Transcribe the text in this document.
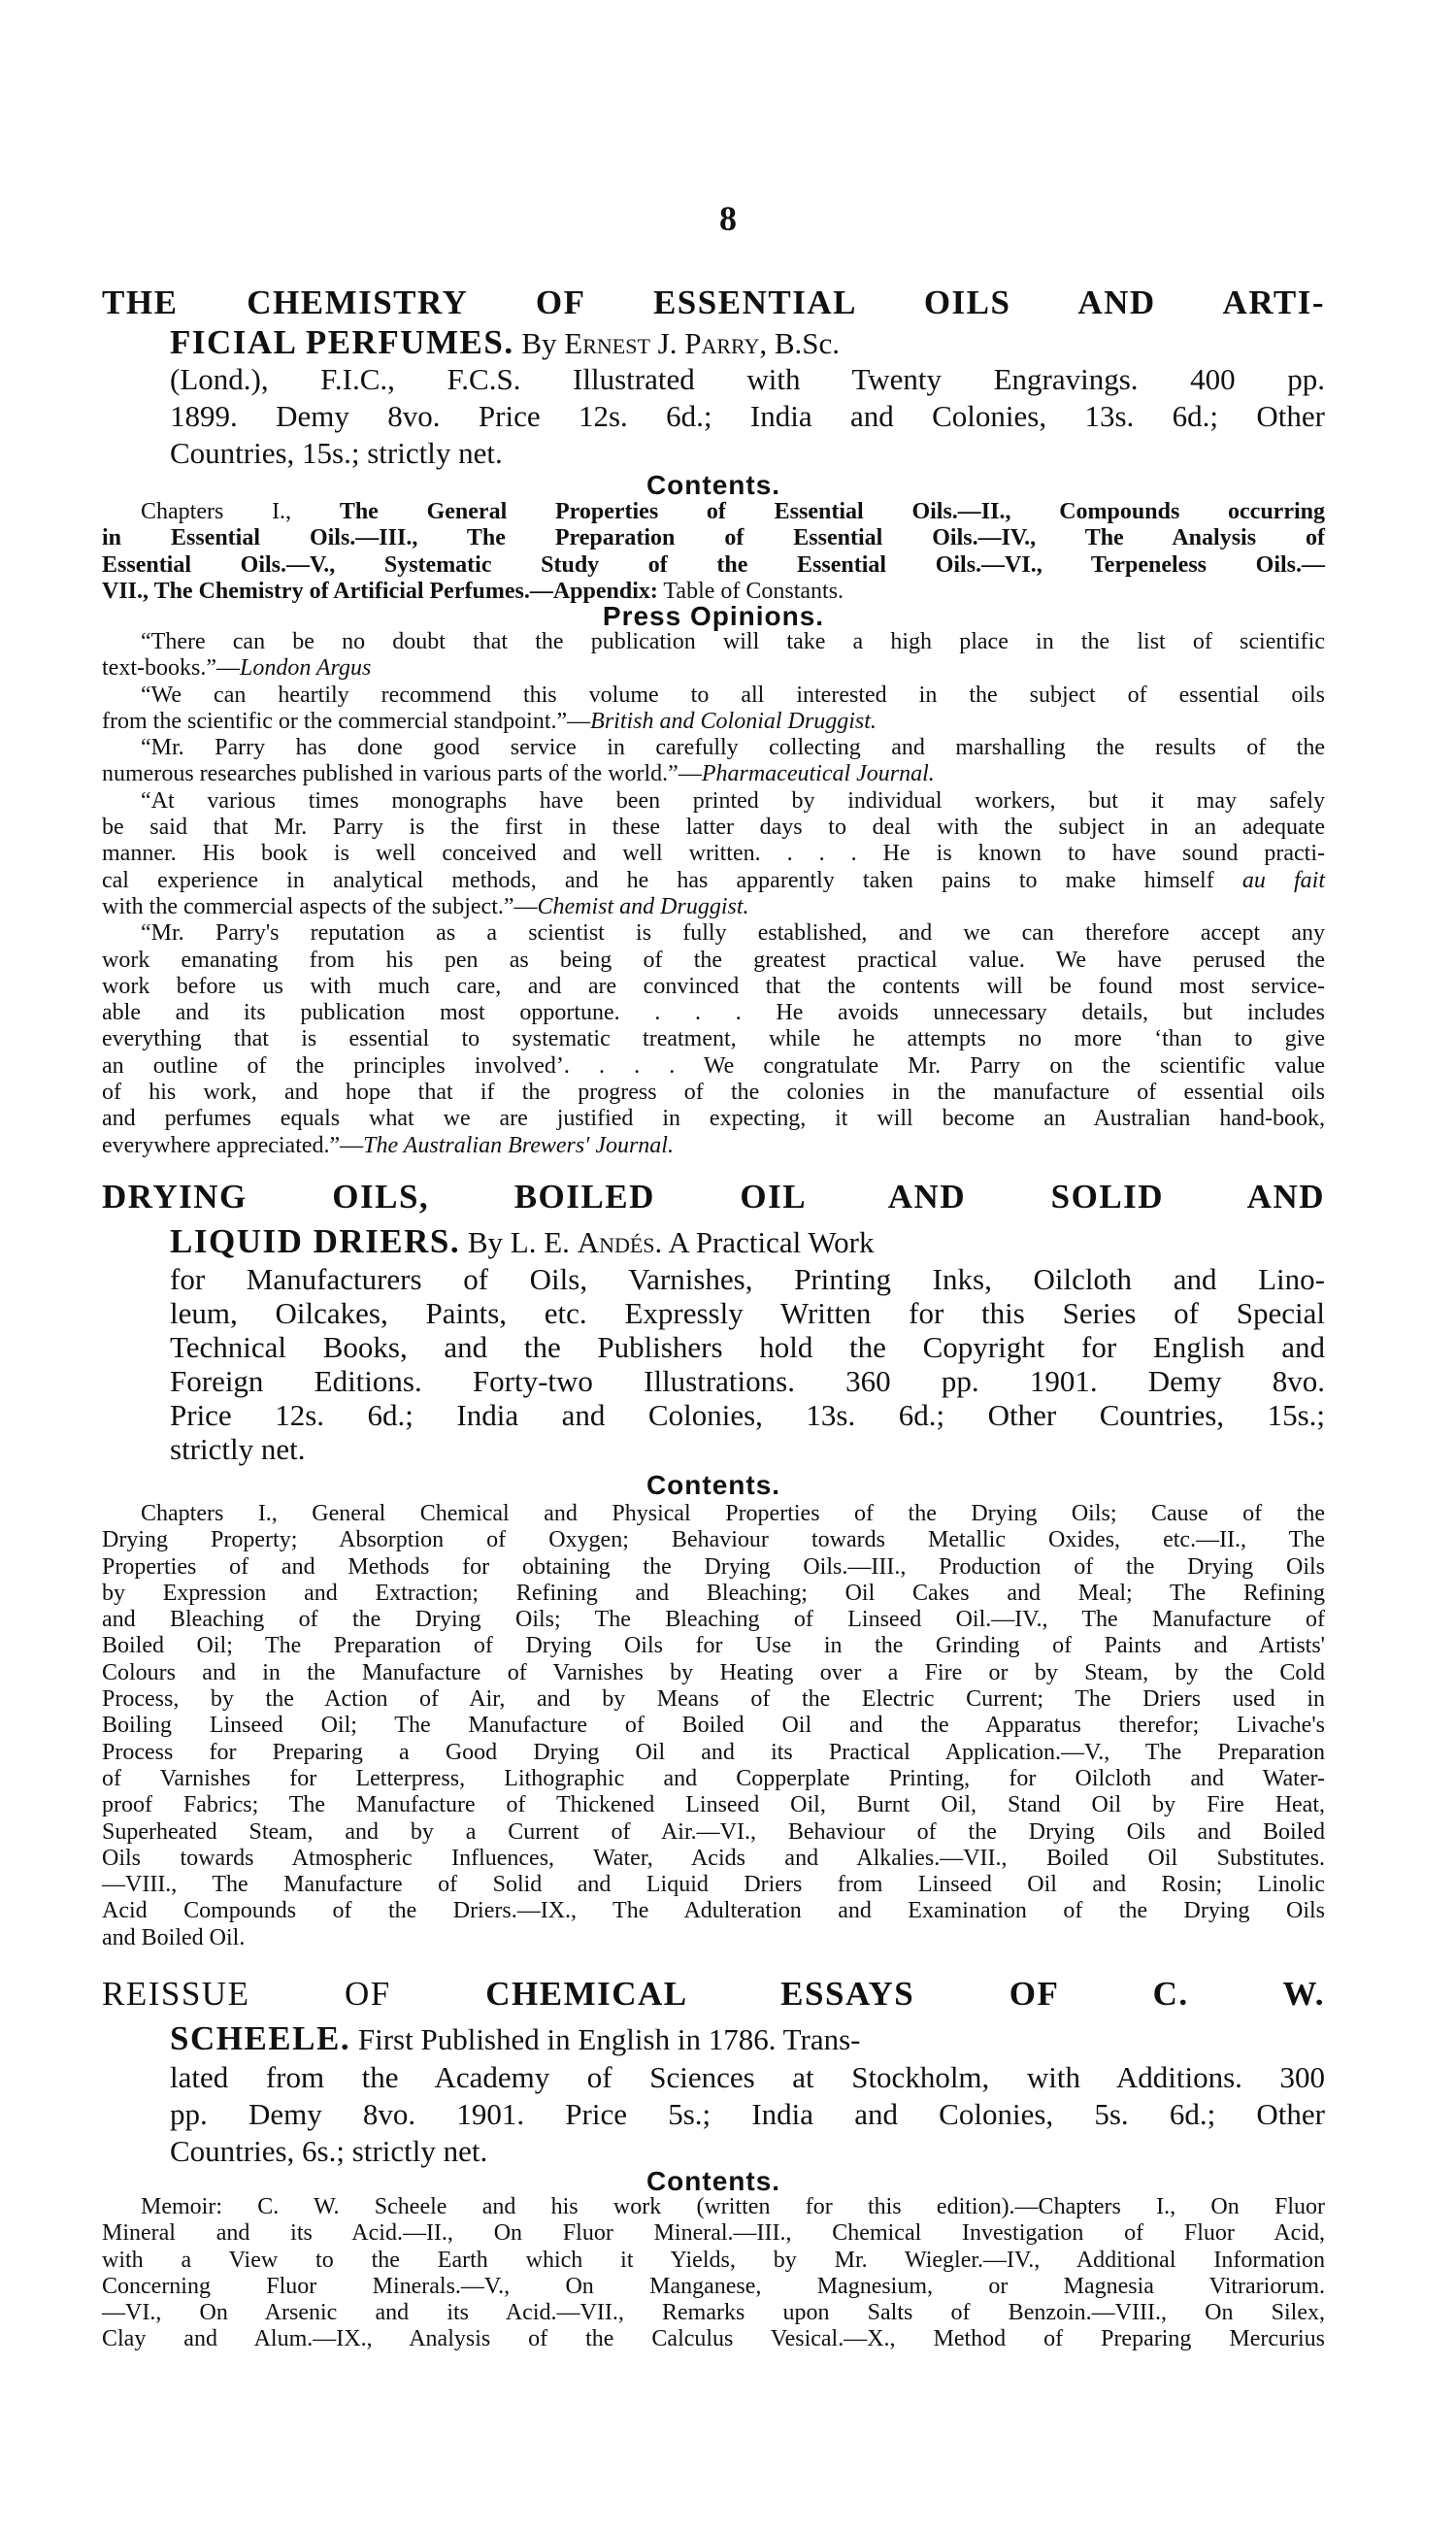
8
THE CHEMISTRY OF ESSENTIAL OILS AND ARTI-
FICIAL PERFUMES. By Ernest J. Parry, B.Sc.
(Lond.), F.I.C., F.C.S. Illustrated with Twenty Engravings. 400 pp.
1899. Demy 8vo. Price 12s. 6d.; India and Colonies, 13s. 6d.; Other
Countries, 15s.; strictly net.
Contents.
Chapters I., The General Properties of Essential Oils.—II., Compounds occurring
in Essential Oils.—III., The Preparation of Essential Oils.—IV., The Analysis of
Essential Oils.—V., Systematic Study of the Essential Oils.—VI., Terpeneless Oils.—
VII., The Chemistry of Artificial Perfumes.—Appendix: Table of Constants.
Press Opinions.
“There can be no doubt that the publication will take a high place in the list of scientific
text-books.”—London Argus
“We can heartily recommend this volume to all interested in the subject of essential oils
from the scientific or the commercial standpoint.”—British and Colonial Druggist.
“Mr. Parry has done good service in carefully collecting and marshalling the results of the
numerous researches published in various parts of the world.”—Pharmaceutical Journal.
“At various times monographs have been printed by individual workers, but it may safely
be said that Mr. Parry is the first in these latter days to deal with the subject in an adequate
manner. His book is well conceived and well written. . . . He is known to have sound practi-
cal experience in analytical methods, and he has apparently taken pains to make himself au fait
with the commercial aspects of the subject.”—Chemist and Druggist.
“Mr. Parry's reputation as a scientist is fully established, and we can therefore accept any
work emanating from his pen as being of the greatest practical value. We have perused the
work before us with much care, and are convinced that the contents will be found most service-
able and its publication most opportune. . . . He avoids unnecessary details, but includes
everything that is essential to systematic treatment, while he attempts no more ‘than to give
an outline of the principles involved’. . . . We congratulate Mr. Parry on the scientific value
of his work, and hope that if the progress of the colonies in the manufacture of essential oils
and perfumes equals what we are justified in expecting, it will become an Australian hand-book,
everywhere appreciated.”—The Australian Brewers' Journal.
DRYING OILS, BOILED OIL AND SOLID AND
LIQUID DRIERS. By L. E. Andés. A Practical Work
for Manufacturers of Oils, Varnishes, Printing Inks, Oilcloth and Lino-
leum, Oilcakes, Paints, etc. Expressly Written for this Series of Special
Technical Books, and the Publishers hold the Copyright for English and
Foreign Editions. Forty-two Illustrations. 360 pp. 1901. Demy 8vo.
Price 12s. 6d.; India and Colonies, 13s. 6d.; Other Countries, 15s.;
strictly net.
Contents.
Chapters I., General Chemical and Physical Properties of the Drying Oils; Cause of the
Drying Property; Absorption of Oxygen; Behaviour towards Metallic Oxides, etc.—II., The
Properties of and Methods for obtaining the Drying Oils.—III., Production of the Drying Oils
by Expression and Extraction; Refining and Bleaching; Oil Cakes and Meal; The Refining
and Bleaching of the Drying Oils; The Bleaching of Linseed Oil.—IV., The Manufacture of
Boiled Oil; The Preparation of Drying Oils for Use in the Grinding of Paints and Artists'
Colours and in the Manufacture of Varnishes by Heating over a Fire or by Steam, by the Cold
Process, by the Action of Air, and by Means of the Electric Current; The Driers used in
Boiling Linseed Oil; The Manufacture of Boiled Oil and the Apparatus therefor; Livache's
Process for Preparing a Good Drying Oil and its Practical Application.—V., The Preparation
of Varnishes for Letterpress, Lithographic and Copperplate Printing, for Oilcloth and Water-
proof Fabrics; The Manufacture of Thickened Linseed Oil, Burnt Oil, Stand Oil by Fire Heat,
Superheated Steam, and by a Current of Air.—VI., Behaviour of the Drying Oils and Boiled
Oils towards Atmospheric Influences, Water, Acids and Alkalies.—VII., Boiled Oil Substitutes.
—VIII., The Manufacture of Solid and Liquid Driers from Linseed Oil and Rosin; Linolic
Acid Compounds of the Driers.—IX., The Adulteration and Examination of the Drying Oils
and Boiled Oil.
REISSUE OF CHEMICAL ESSAYS OF C. W.
SCHEELE. First Published in English in 1786. Trans-
lated from the Academy of Sciences at Stockholm, with Additions. 300
pp. Demy 8vo. 1901. Price 5s.; India and Colonies, 5s. 6d.; Other
Countries, 6s.; strictly net.
Contents.
Memoir: C. W. Scheele and his work (written for this edition).—Chapters I., On Fluor
Mineral and its Acid.—II., On Fluor Mineral.—III., Chemical Investigation of Fluor Acid,
with a View to the Earth which it Yields, by Mr. Wiegler.—IV., Additional Information
Concerning Fluor Minerals.—V., On Manganese, Magnesium, or Magnesia Vitrariorum.
—VI., On Arsenic and its Acid.—VII., Remarks upon Salts of Benzoin.—VIII., On Silex,
Clay and Alum.—IX., Analysis of the Calculus Vesical.—X., Method of Preparing Mercurius
